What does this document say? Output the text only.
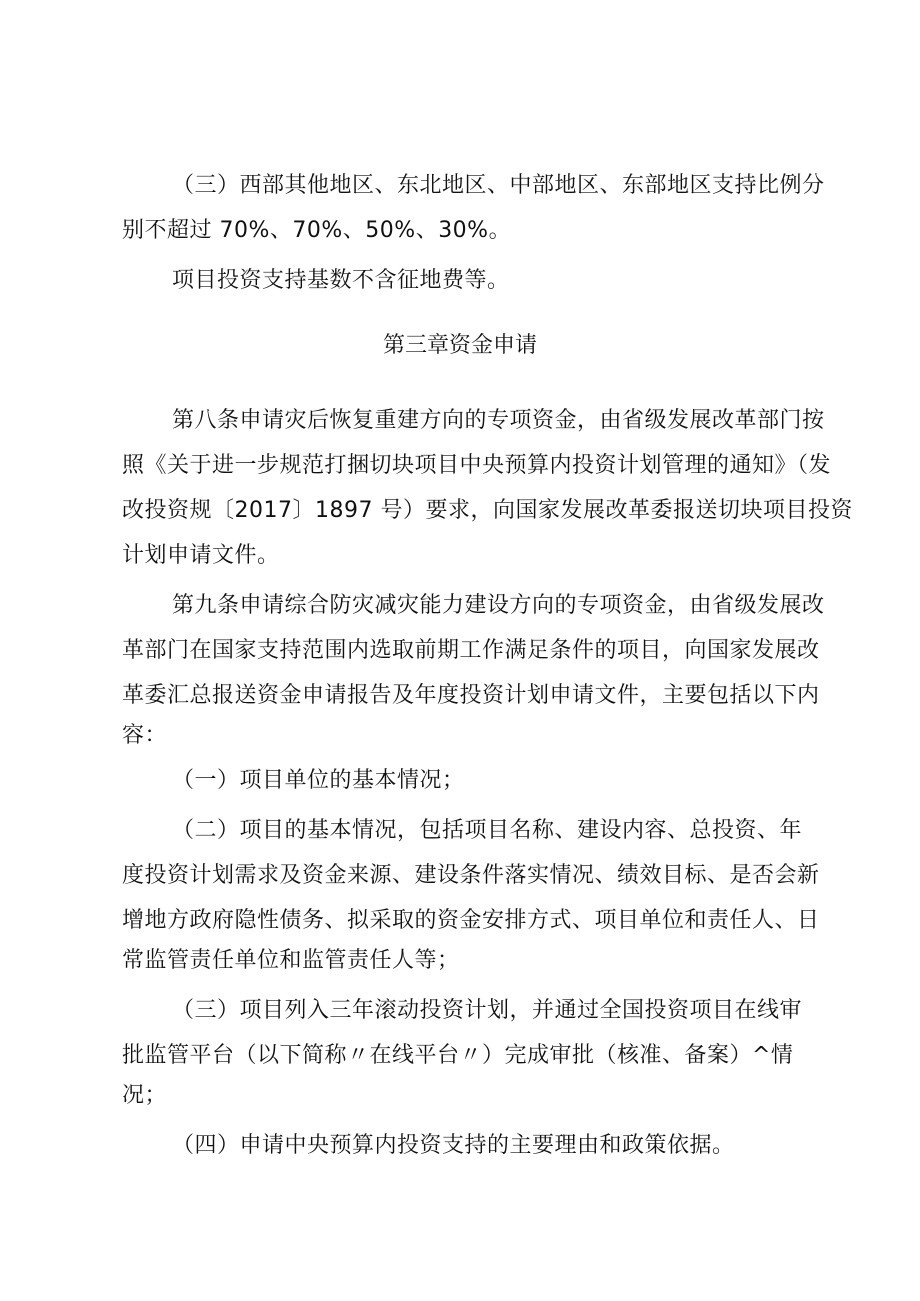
（三）西部其他地区、东北地区、中部地区、东部地区支持比例分
别不超过 70%、70%、50%、30%。
项目投资支持基数不含征地费等。
第三章资金申请
第八条申请灾后恢复重建方向的专项资金，由省级发展改革部门按
照《关于进一步规范打捆切块项目中央预算内投资计划管理的通知》（发
改投资规〔2017〕1897 号）要求，向国家发展改革委报送切块项目投资
计划申请文件。
第九条申请综合防灾减灾能力建设方向的专项资金，由省级发展改
革部门在国家支持范围内选取前期工作满足条件的项目，向国家发展改
革委汇总报送资金申请报告及年度投资计划申请文件，主要包括以下内
容：
（一）项目单位的基本情况；
（二）项目的基本情况，包括项目名称、建设内容、总投资、年
度投资计划需求及资金来源、建设条件落实情况、绩效目标、是否会新
增地方政府隐性债务、拟采取的资金安排方式、项目单位和责任人、日
常监管责任单位和监管责任人等；
（三）项目列入三年滚动投资计划，并通过全国投资项目在线审
批监管平台（以下简称〃在线平台〃）完成审批（核准、备案）^情
况；
（四）申请中央预算内投资支持的主要理由和政策依据。
